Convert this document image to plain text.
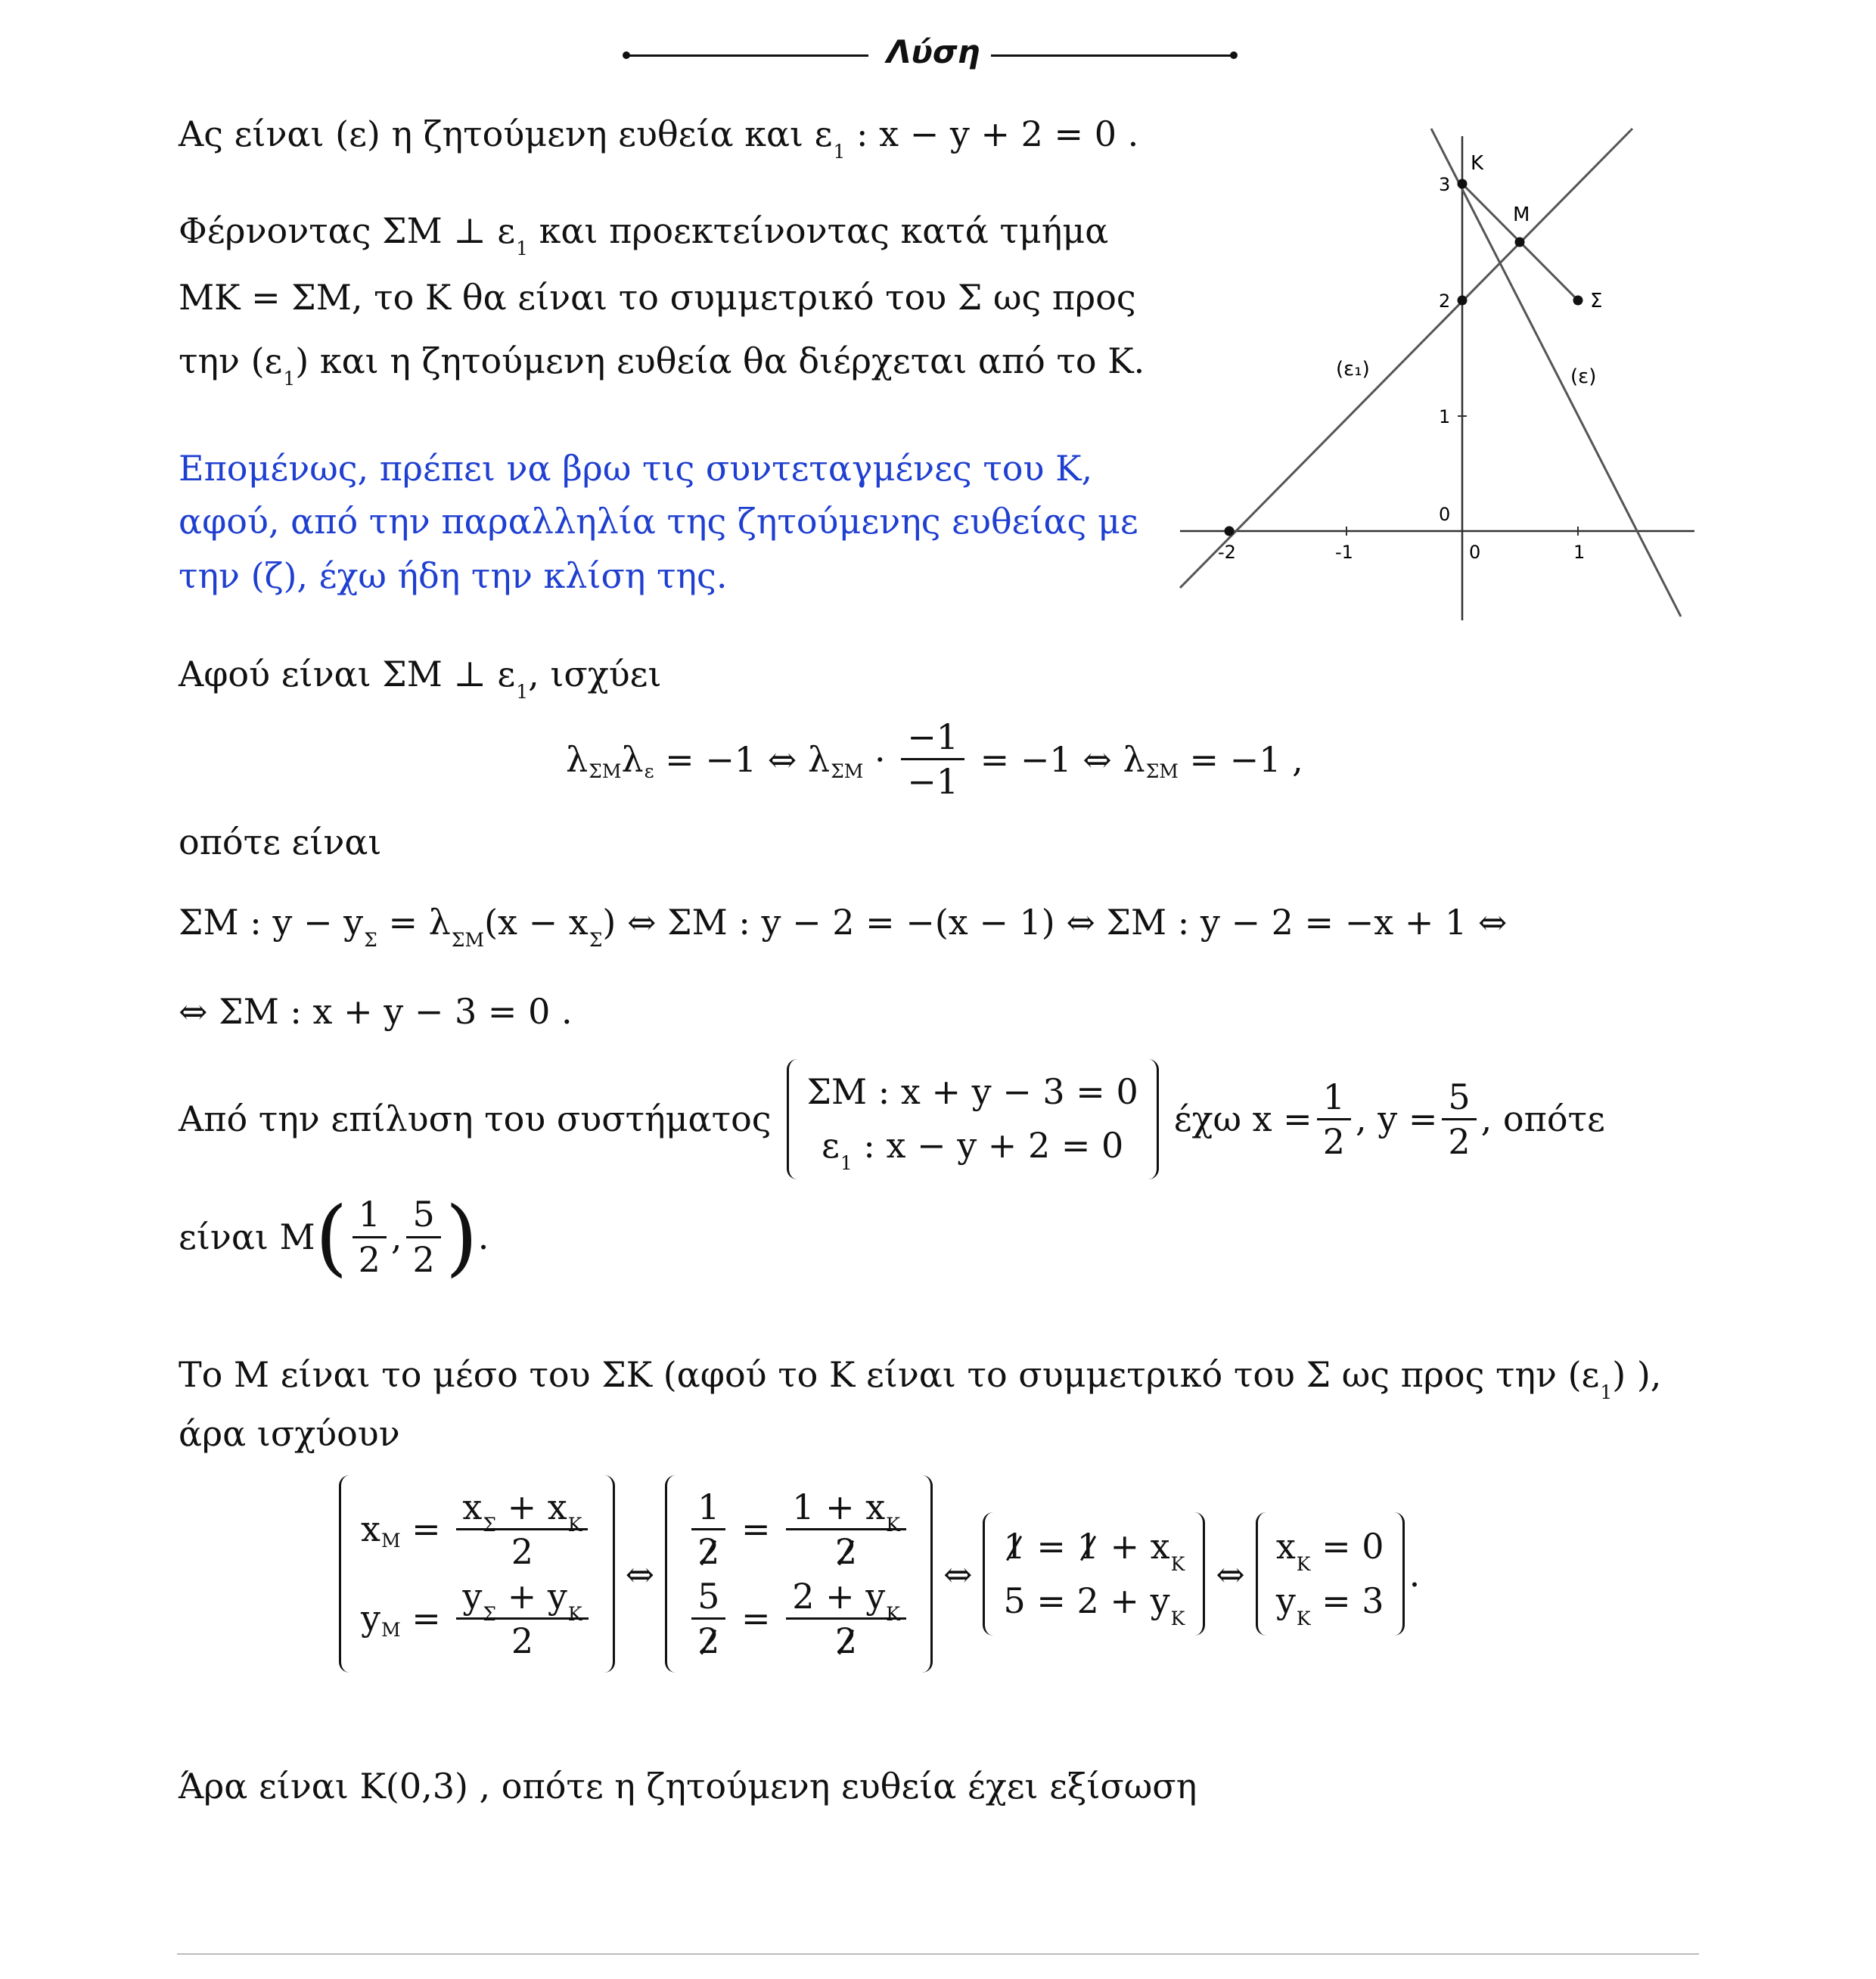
Λύση
Ας είναι (ε) η ζητούμενη ευθεία και $\varepsilon_1$ : x − y + 2 = 0 .
Φέρνοντας ΣΜ ⊥ $\varepsilon_1$ και προεκτείνοντας κατά τμήμα
ΜΚ = ΣΜ, το Κ θα είναι το συμμετρικό του Σ ως προς
την $(\varepsilon_1)$ και η ζητούμενη ευθεία θα διέρχεται από το Κ.
Επομένως, πρέπει να βρω τις συντεταγμένες του Κ,
αφού, από την παραλληλία της ζητούμενης ευθείας με
την (ζ), έχω ήδη την κλίση της.
K
M
Σ
(ε₁)	(ε)
3
2
1
0
-2	-1	0	1
Αφού είναι ΣΜ ⊥ $\varepsilon_1$, ισχύει
λ ΣΜ λ ε = −1 ⇔ λ $\Sigma M \cdot \frac{-1}{-1} = -1$ ⇔ λ ΣΜ = −1 ,
οπότε είναι
ΣΜ : $y - y_\Sigma = \lambda_{\Sigma M}(x - x_\Sigma)$ ⇔ ΣΜ : y − 2 = −(x − 1) ⇔ ΣΜ : y − 2 = −x + 1 ⇔
⇔ ΣΜ : x + y − 3 = 0 .
Από την επίλυση του συστήματος
ΣΜ : x + y − 3 = 0
$\varepsilon_1$ : x − y + 2 = 0
έχω $x = \frac{1}{2}$ , $y = \frac{5}{2}$ , οπότε
είναι Μ ( $\frac{1}{2}$ , $\frac{5}{2}$ ) .
Το Μ είναι το μέσο του ΣΚ (αφού το Κ είναι το συμμετρικό του Σ ως προς την $(\varepsilon_1)$ ),
άρα ισχύουν
x $M = \frac{x_\Sigma + x_K}{2}$
y $M = \frac{y_\Sigma + y_K}{2}$
⇔
$\frac{1}{2} = \frac{1 + x_K}{2}$
$\frac{5}{2} = \frac{2 + y_K}{2}$
⇔
$1 = 1 + x_K$
$5 = 2 + y_K$
⇔
$x_K = 0$
$y_K = 3$
.
Άρα είναι Κ(0,3) , οπότε η ζητούμενη ευθεία έχει εξίσωση
